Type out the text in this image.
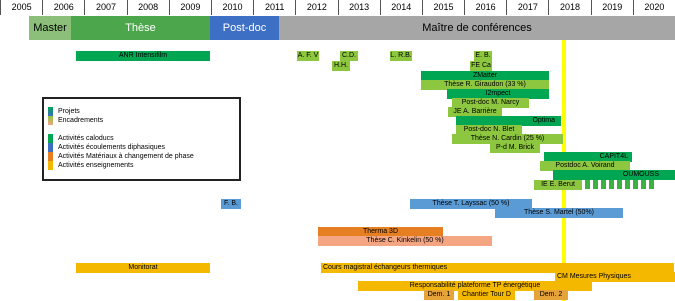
2005	2006	2007	2008	2009	2010	2011	2012	2013	2014	2015	2016	2017	2018	2019	2020
Master	Thèse	Post-doc	Maître de conférences
ANR Intensifilm	A. F. V	C.D.
H.H.
L. R.B.	E. B.
FE Ca
ZMatter
Thèse R. Giraudon (33 %)
I2mpect
Post-doc M. Narcy
JE A. Barrière
Optima
Post-doc N. Blet
Thèse N. Cardin (25 %)
P-d M. Brick
CAPIT4L
Postdoc A. Voirand
OUMOUSS
IE E. Berut
F. B.	Thèse T. Layssac (50 %)
Thèse S. Martel (50%)
Therma 3D
Thèse C. Kinkelin (50 %)
Monitorat	Cours magistral échangeurs thermiques
CM Mesures Physiques
Responsabilité plateforme TP énergétique
Dem. 1	Chantier Tour D	Dem. 2
Projets
Encadrements
Activités caloducs
Activités écoulements diphasiques
Activités Matériaux à changement de phase
Activités enseignements
